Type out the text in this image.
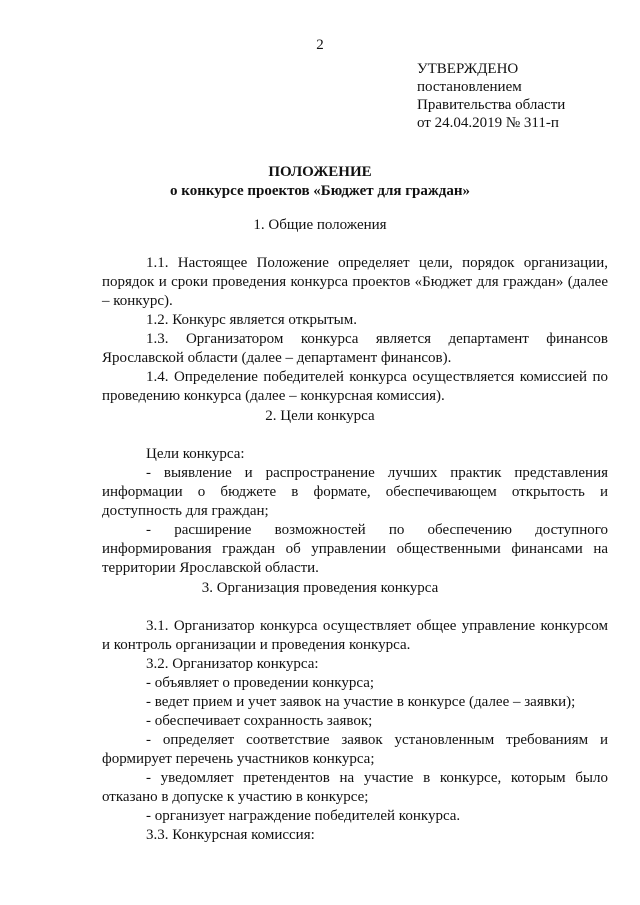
2
УТВЕРЖДЕНО
постановлением
Правительства области
от 24.04.2019 № 311-п
ПОЛОЖЕНИЕ
о конкурсе проектов «Бюджет для граждан»
1. Общие положения

1.1. Настоящее Положение определяет цели, порядок организации, порядок и сроки проведения конкурса проектов «Бюджет для граждан» (далее – конкурс).

1.2. Конкурс является открытым.

1.3. Организатором конкурса является департамент финансов Ярославской области (далее – департамент финансов).

1.4. Определение победителей конкурса осуществляется комиссией по проведению конкурса (далее – конкурсная комиссия).

2. Цели конкурса

Цели конкурса:

- выявление и распространение лучших практик представления информации о бюджете в формате, обеспечивающем открытость и доступность для граждан;

- расширение возможностей по обеспечению доступного информирования граждан об управлении общественными финансами на территории Ярославской области.

3. Организация проведения конкурса

3.1. Организатор конкурса осуществляет общее управление конкурсом и контроль организации и проведения конкурса.

3.2. Организатор конкурса:

- объявляет о проведении конкурса;

- ведет прием и учет заявок на участие в конкурсе (далее – заявки);

- обеспечивает сохранность заявок;

- определяет соответствие заявок установленным требованиям и формирует перечень участников конкурса;

- уведомляет претендентов на участие в конкурсе, которым было отказано в допуске к участию в конкурсе;

- организует награждение победителей конкурса.

3.3. Конкурсная комиссия:
